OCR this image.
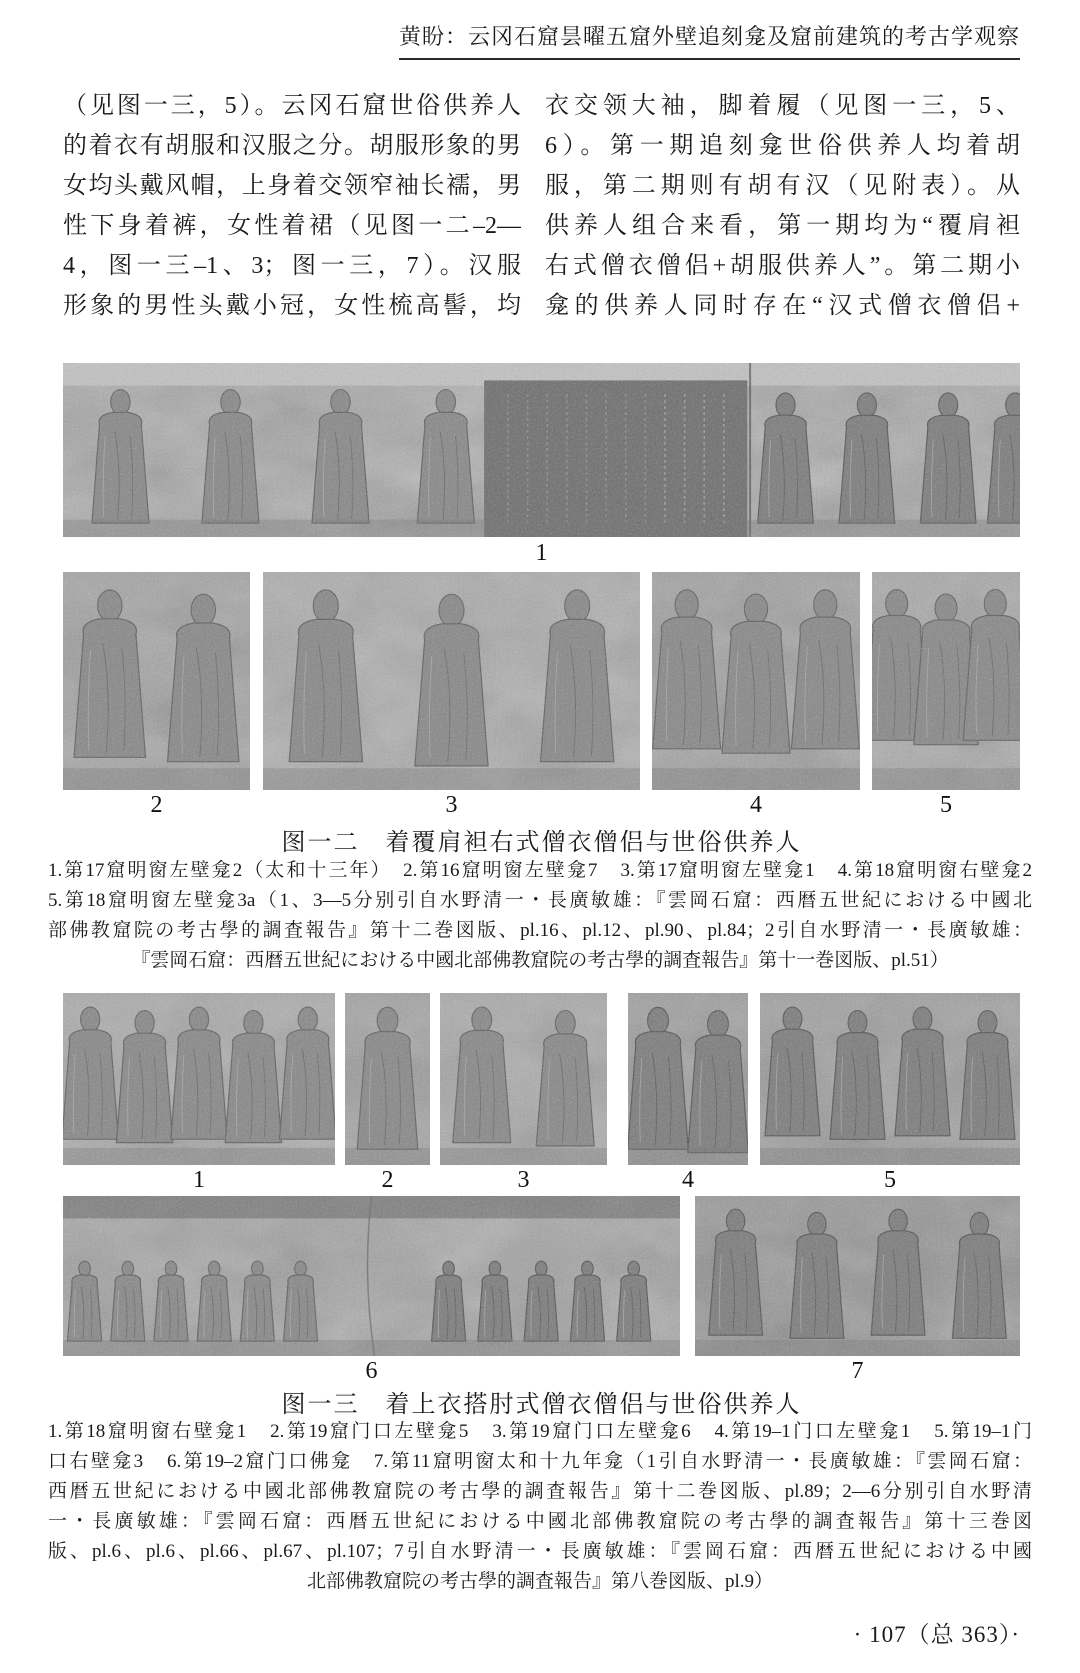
黄盼：云冈石窟昙曜五窟外壁追刻龛及窟前建筑的考古学观察
（见图一三，5）。云冈石窟世俗供养人
的着衣有胡服和汉服之分。胡服形象的男
女均头戴风帽，上身着交领窄袖长襦，男
性下身着裤，女性着裙（见图一二–2—
4，图一三–1、3；图一三，7）。汉服
形象的男性头戴小冠，女性梳高髻，均
衣交领大袖，脚着履（见图一三，5、
6）。第一期追刻龛世俗供养人均着胡
服，第二期则有胡有汉（见附表）。从
供养人组合来看，第一期均为“覆肩袒
右式僧衣僧侣+胡服供养人”。第二期小
龛的供养人同时存在“汉式僧衣僧侣+
1
2	3	4	5
图一二　着覆肩袒右式僧衣僧侣与世俗供养人
1.第17窟明窗左壁龛2（太和十三年）　2.第16窟明窗左壁龛7　3.第17窟明窗左壁龛1　4.第18窟明窗右壁龛2
5.第18窟明窗左壁龛3a（1、3—5分别引自水野清一・長廣敏雄：『雲岡石窟：西暦五世紀における中國北
部佛教窟院の考古學的調査報告』第十二巻図版、pl.16、pl.12、pl.90、pl.84；2引自水野清一・長廣敏雄：
『雲岡石窟：西暦五世紀における中國北部佛教窟院の考古學的調査報告』第十一巻図版、pl.51）
1	2	3	4	5
6	7
图一三　着上衣搭肘式僧衣僧侣与世俗供养人
1.第18窟明窗右壁龛1　2.第19窟门口左壁龛5　3.第19窟门口左壁龛6　4.第19–1门口左壁龛1　5.第19–1门
口右壁龛3　6.第19–2窟门口佛龛　7.第11窟明窗太和十九年龛（1引自水野清一・長廣敏雄：『雲岡石窟：
西暦五世紀における中國北部佛教窟院の考古學的調査報告』第十二巻図版、pl.89；2—6分别引自水野清
一・長廣敏雄：『雲岡石窟：西暦五世紀における中國北部佛教窟院の考古學的調査報告』第十三巻図
版、pl.6、pl.6、pl.66、pl.67、pl.107；7引自水野清一・長廣敏雄：『雲岡石窟：西暦五世紀における中國
北部佛教窟院の考古學的調査報告』第八巻図版、pl.9）
· 107（总 363）·
